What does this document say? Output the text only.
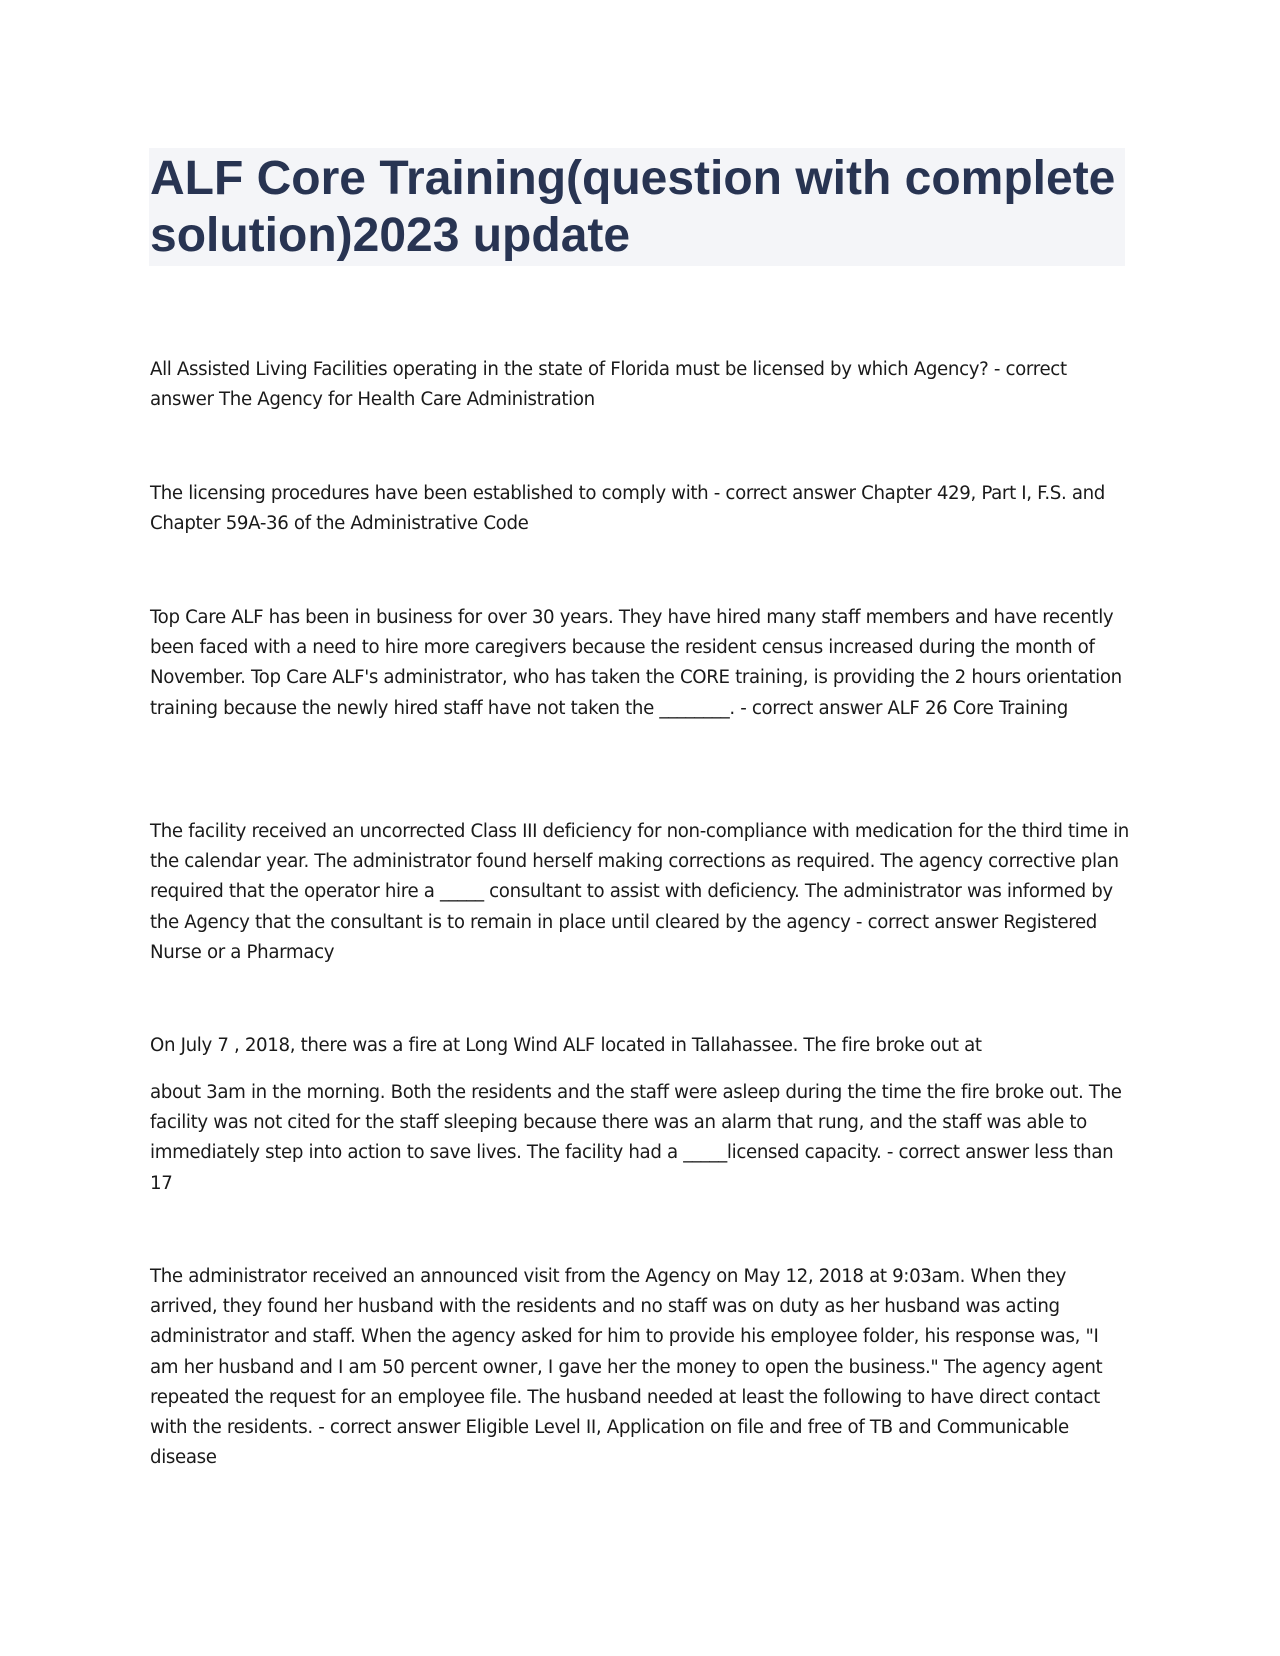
ALF Core Training(question with complete solution)2023 update

All Assisted Living Facilities operating in the state of Florida must be licensed by which Agency? - correct answer The Agency for Health Care Administration

The licensing procedures have been established to comply with - correct answer Chapter 429, Part I, F.S. and Chapter 59A-36 of the Administrative Code

Top Care ALF has been in business for over 30 years. They have hired many staff members and have recently been faced with a need to hire more caregivers because the resident census increased during the month of November. Top Care ALF's administrator, who has taken the CORE training, is providing the 2 hours orientation training because the newly hired staff have not taken the ________. - correct answer ALF 26 Core Training

The facility received an uncorrected Class III deficiency for non-compliance with medication for the third time in the calendar year. The administrator found herself making corrections as required. The agency corrective plan required that the operator hire a _____ consultant to assist with deficiency. The administrator was informed by the Agency that the consultant is to remain in place until cleared by the agency - correct answer Registered Nurse or a Pharmacy

On July 7 , 2018, there was a fire at Long Wind ALF located in Tallahassee. The fire broke out at

about 3am in the morning. Both the residents and the staff were asleep during the time the fire broke out. The facility was not cited for the staff sleeping because there was an alarm that rung, and the staff was able to immediately step into action to save lives. The facility had a _____licensed capacity. - correct answer less than 17

The administrator received an announced visit from the Agency on May 12, 2018 at 9:03am. When they arrived, they found her husband with the residents and no staff was on duty as her husband was acting administrator and staff. When the agency asked for him to provide his employee folder, his response was, "I am her husband and I am 50 percent owner, I gave her the money to open the business." The agency agent repeated the request for an employee file. The husband needed at least the following to have direct contact with the residents. - correct answer Eligible Level II, Application on file and free of TB and Communicable disease
